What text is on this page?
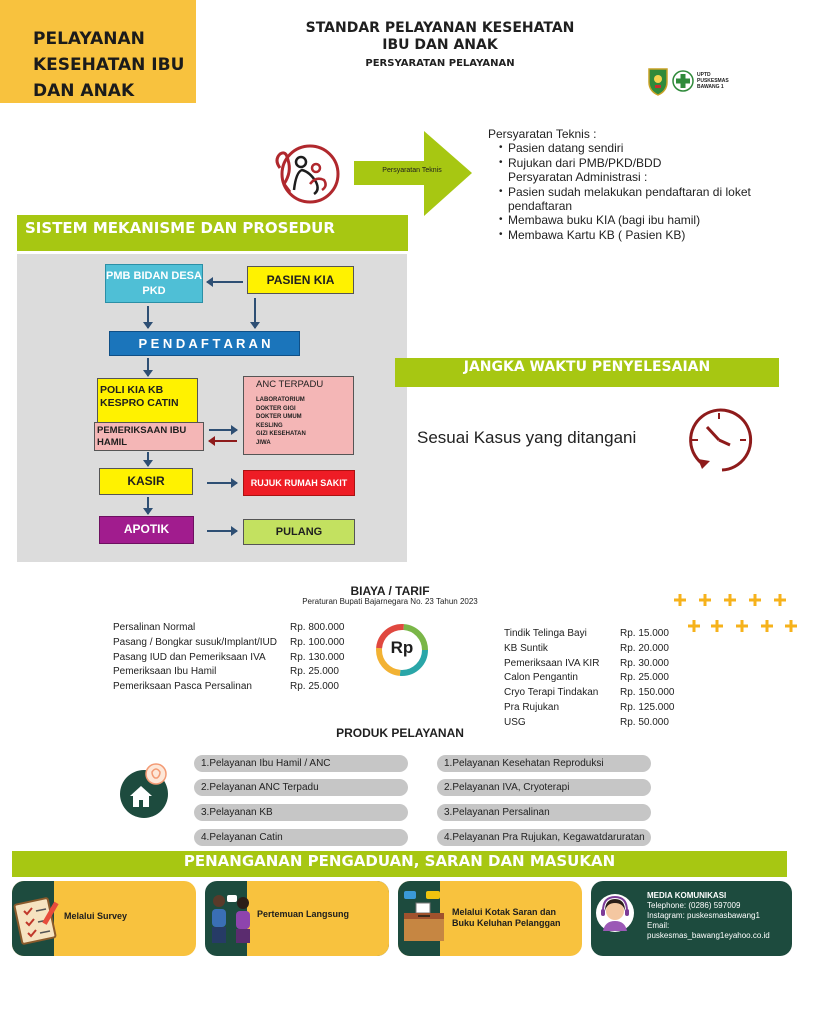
PELAYANAN
KESEHATAN IBU
DAN ANAK
STANDAR PELAYANAN KESEHATAN
IBU DAN ANAK
PERSYARATAN PELAYANAN
UPTD
PUSKESMAS
BAWANG 1
Persyaratan Teknis
Persyaratan Teknis :
• Pasien datang sendiri
• Rujukan dari PMB/PKD/BDD
Persyaratan Administrasi :
• Pasien sudah melakukan pendaftaran di loket pendaftaran
• Membawa buku KIA (bagi ibu hamil)
• Membawa Kartu KB ( Pasien KB)
SISTEM MEKANISME DAN PROSEDUR
PMB BIDAN DESA
PKD
PASIEN KIA
P E N D A F T A R A N
POLI KIA KB
KESPRO CATIN
PEMERIKSAAN IBU
HAMIL
ANC TERPADU
LABORATORIUM
DOKTER GIGI
DOKTER UMUM
KESLING
GIZI KESEHATAN
JIWA
KASIR	RUJUK RUMAH SAKIT
APOTIK	PULANG
JANGKA WAKTU PENYELESAIAN
Sesuai Kasus yang ditangani
BIAYA / TARIF
Peraturan Bupati Bajarnegara No. 23 Tahun 2023
Persalinan Normal	Rp. 800.000
Pasang / Bongkar susuk/Implant/IUD Rp. 100.000
Pasang IUD dan Pemeriksaan IVA Rp. 130.000
Pemeriksaan Ibu Hamil	Rp. 25.000
Pemeriksaan Pasca Persalinan	Rp. 25.000
Rp
Tindik Telinga Bayi	Rp. 15.000
KB Suntik	Rp. 20.000
Pemeriksaan IVA KIR Rp. 30.000
Calon Pengantin	Rp. 25.000
Cryo Terapi Tindakan Rp. 150.000
Pra Rujukan	Rp. 125.000
USG	Rp. 50.000
PRODUK PELAYANAN
1.Pelayanan Ibu Hamil / ANC
2.Pelayanan ANC Terpadu
3.Pelayanan KB
4.Pelayanan Catin
1.Pelayanan Kesehatan Reproduksi
2.Pelayanan IVA, Cryoterapi
3.Pelayanan Persalinan
4.Pelayanan Pra Rujukan, Kegawatdaruratan
PENANGANAN PENGADUAN, SARAN DAN MASUKAN
Melalui Survey	Pertemuan Langsung	Melalui Kotak Saran dan
Buku Keluhan Pelanggan
MEDIA KOMUNIKASI
Telephone: (0286) 597009
Instagram: puskesmasbawang1
Email:
puskesmas_bawang1eyahoo.co.id
